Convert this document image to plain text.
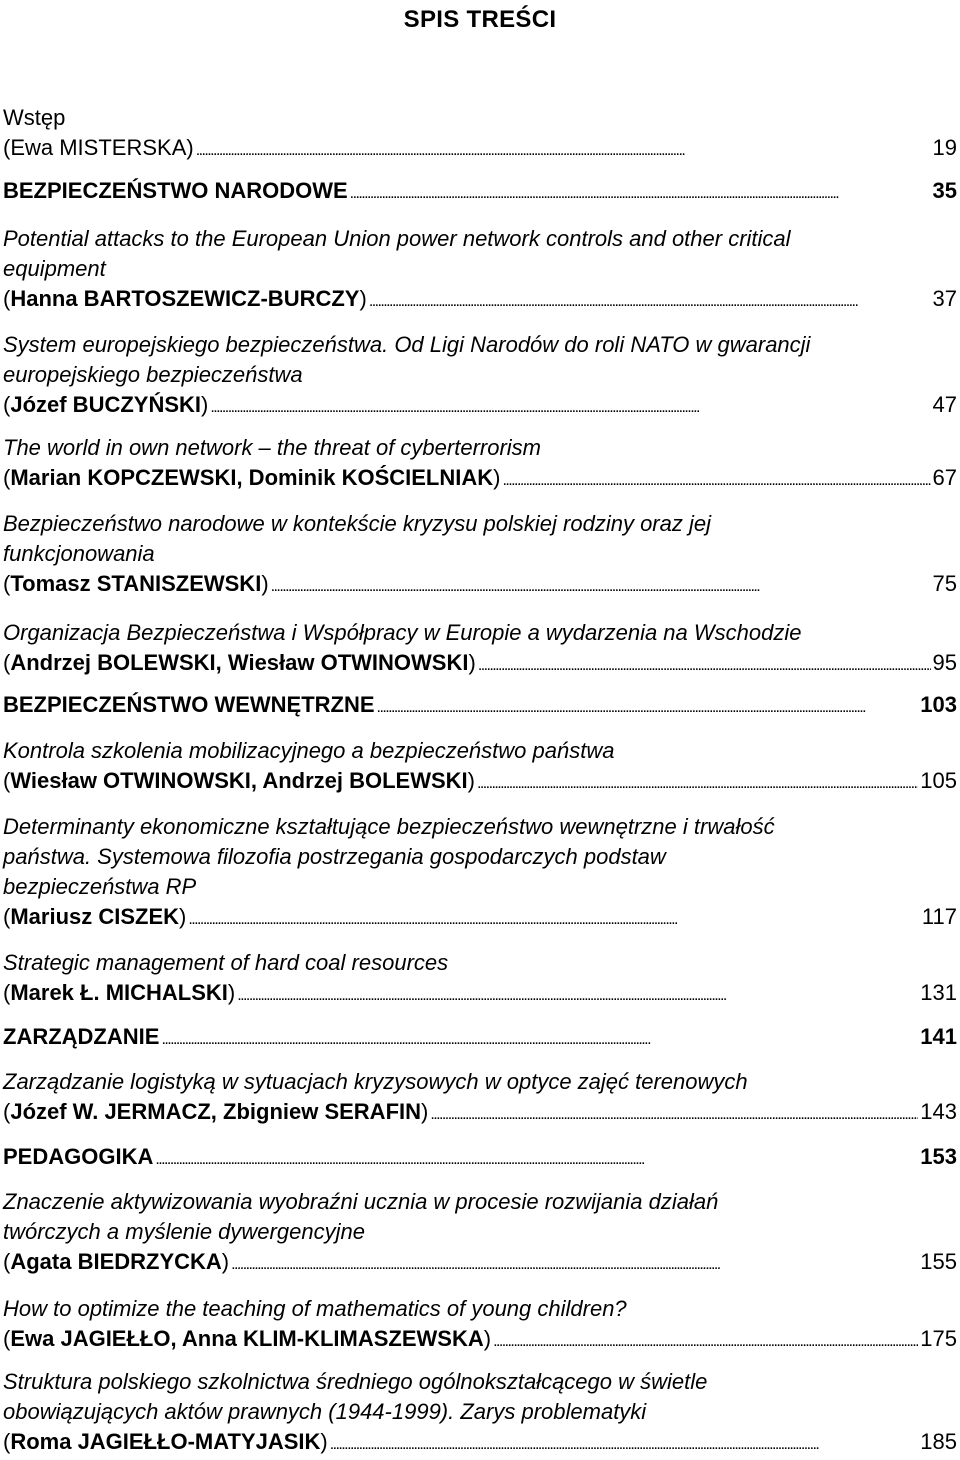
SPIS TREŚCI
Wstęp
(Ewa MISTERSKA) . . .	19
BEZPIECZEŃSTWO NARODOWE . . .	35
Potential attacks to the European Union power network controls and other critical
equipment
(Hanna BARTOSZEWICZ-BURCZY) . . .	37
System europejskiego bezpieczeństwa. Od Ligi Narodów do roli NATO w gwarancji
europejskiego bezpieczeństwa
(Józef BUCZYŃSKI) . . .	47
The world in own network – the threat of cyberterrorism
(Marian KOPCZEWSKI, Dominik KOŚCIELNIAK) . . .	67
Bezpieczeństwo narodowe w kontekście kryzysu polskiej rodziny oraz jej
funkcjonowania
(Tomasz STANISZEWSKI) . . .	75
Organizacja Bezpieczeństwa i Współpracy w Europie a wydarzenia na Wschodzie
(Andrzej BOLEWSKI, Wiesław OTWINOWSKI) . . .	95
BEZPIECZEŃSTWO WEWNĘTRZNE . . .	103
Kontrola szkolenia mobilizacyjnego a bezpieczeństwo państwa
(Wiesław OTWINOWSKI, Andrzej BOLEWSKI) . . .	105
Determinanty ekonomiczne kształtujące bezpieczeństwo wewnętrzne i trwałość
państwa. Systemowa filozofia postrzegania gospodarczych podstaw
bezpieczeństwa RP
(Mariusz CISZEK) . . .	117
Strategic management of hard coal resources
(Marek Ł. MICHALSKI) . . .	131
ZARZĄDZANIE . . .	141
Zarządzanie logistyką w sytuacjach kryzysowych w optyce zajęć terenowych
(Józef W. JERMACZ, Zbigniew SERAFIN) . . .	143
PEDAGOGIKA . . .	153
Znaczenie aktywizowania wyobraźni ucznia w procesie rozwijania działań
twórczych a myślenie dywergencyjne
(Agata BIEDRZYCKA) . . .	155
How to optimize the teaching of mathematics of young children?
(Ewa JAGIEŁŁO, Anna KLIM-KLIMASZEWSKA) . . .	175
Struktura polskiego szkolnictwa średniego ogólnokształcącego w świetle
obowiązujących aktów prawnych (1944-1999). Zarys problematyki
(Roma JAGIEŁŁO-MATYJASIK) . . .	185
